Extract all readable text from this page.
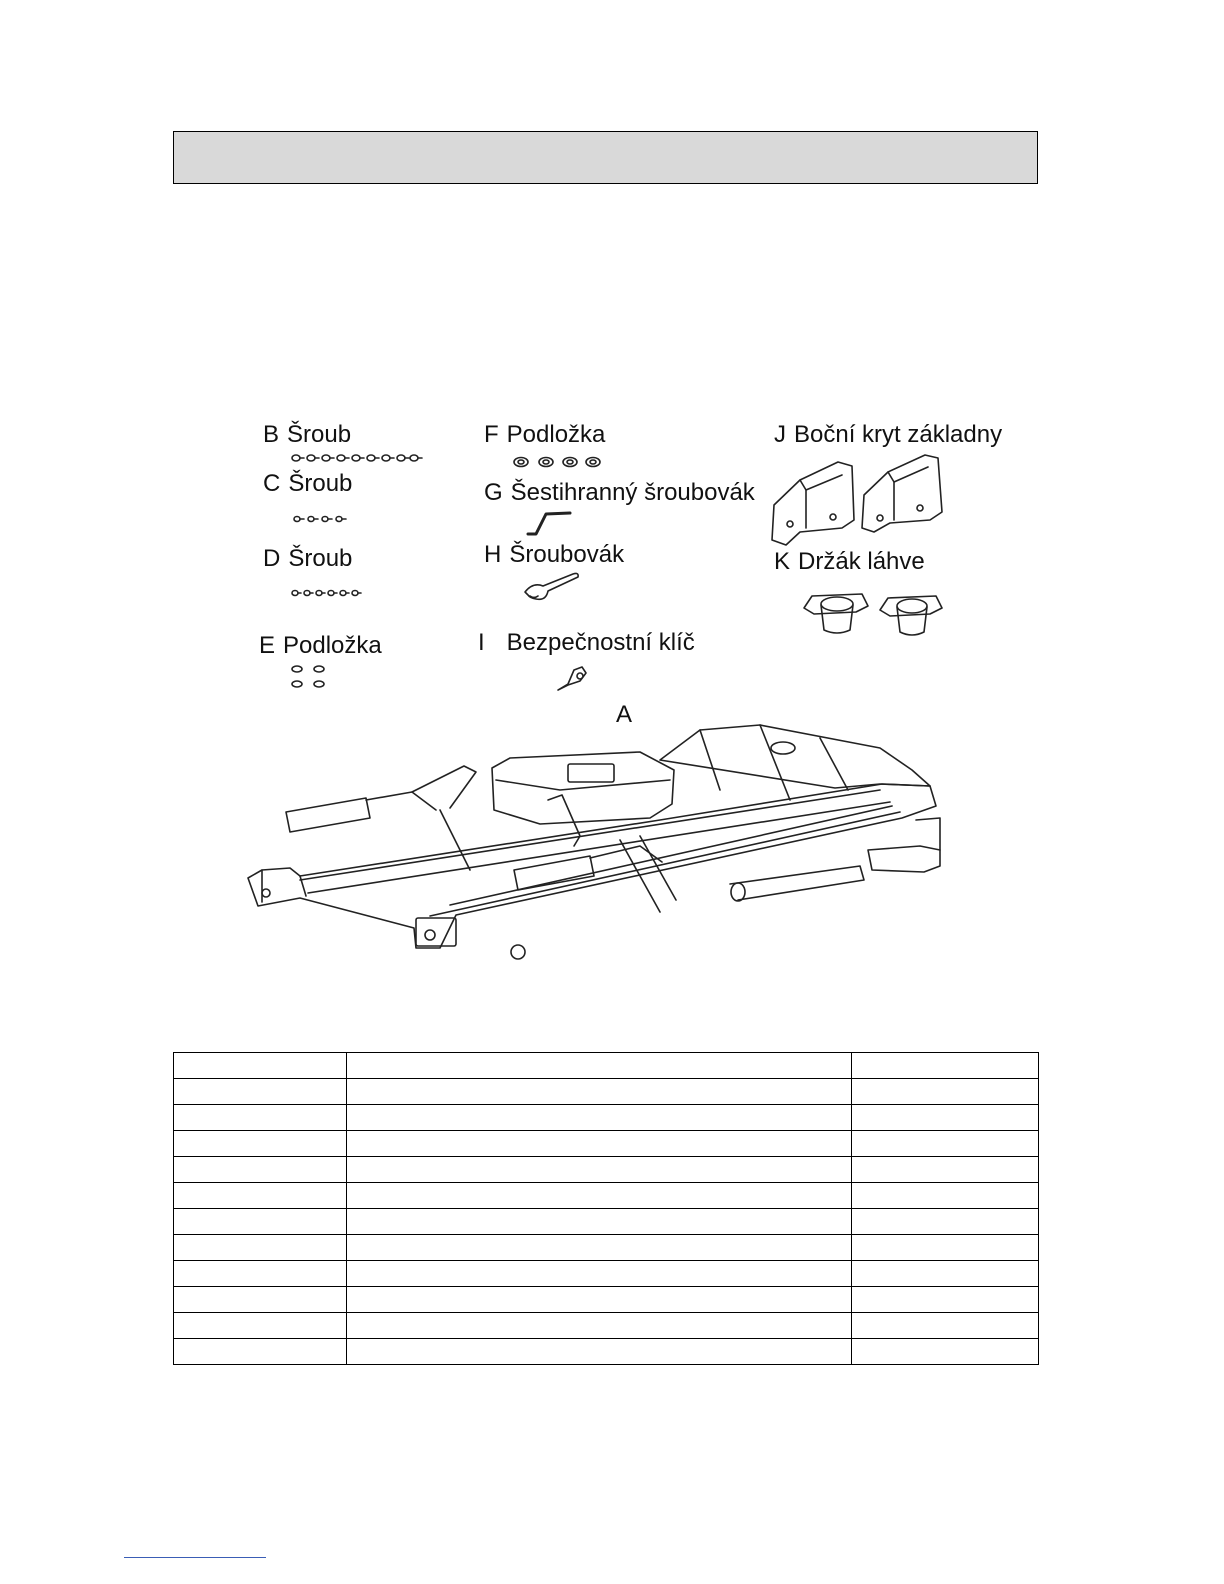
B Šroub
C Šroub
D Šroub
E Podložka
F Podložka
G Šestihranný šroubovák
H Šroubovák
I Bezpečnostní klíč
J Boční kryt základny
K Držák láhve
A
